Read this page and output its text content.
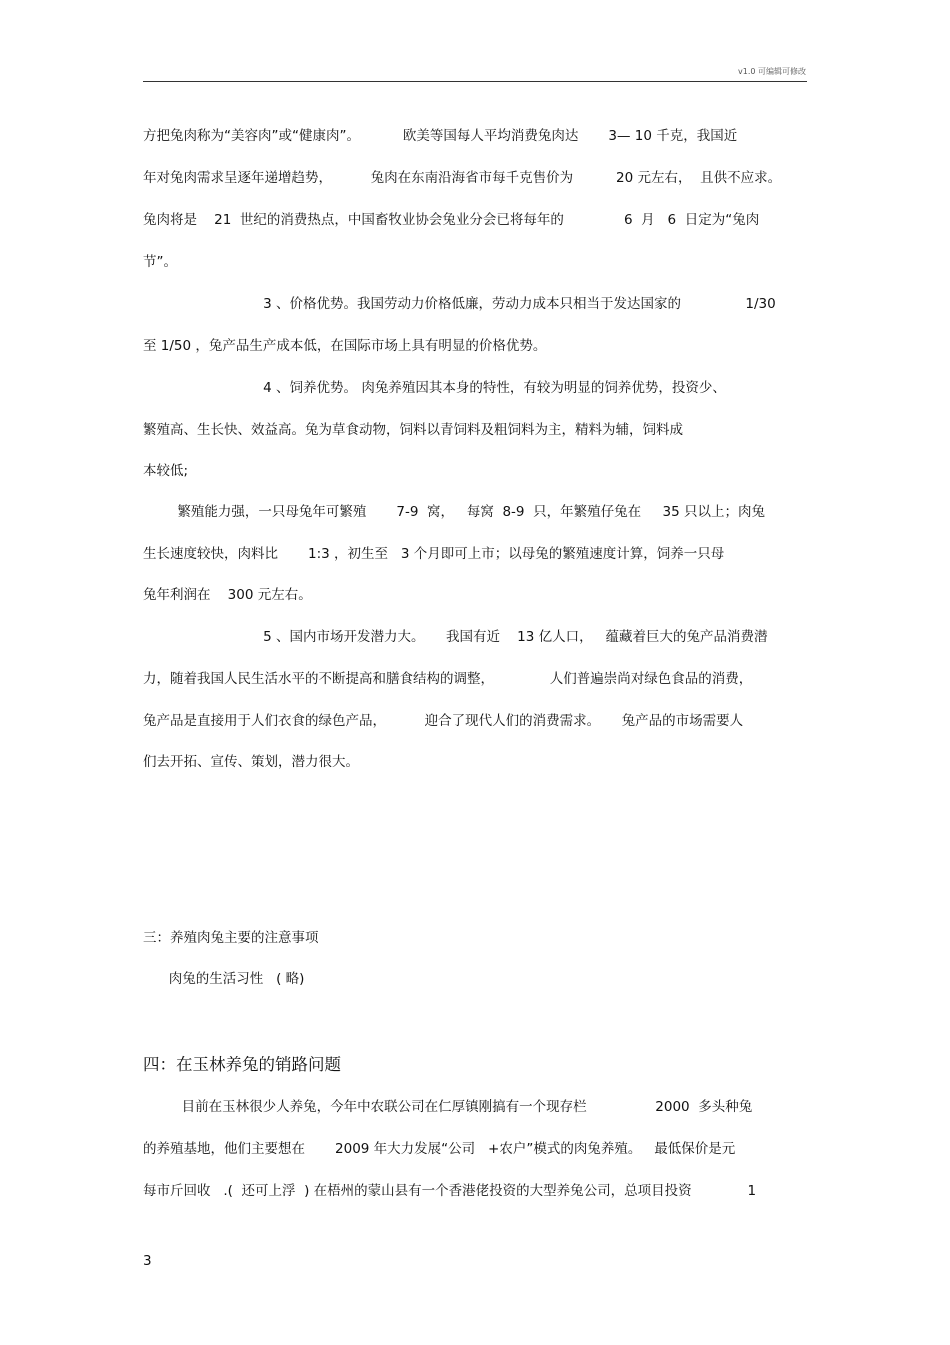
v1.0 可编辑可修改
方把兔肉称为“美容肉”或“健康肉”。          欧美等国每人平均消费兔肉达       3— 10 千克，我国近
年对兔肉需求呈逐年递增趋势，         兔肉在东南沿海省市每千克售价为          20 元左右，  且供不应求。
兔肉将是    21  世纪的消费热点，中国畜牧业协会兔业分会已将每年的              6  月   6  日定为“兔肉
节”。
3 、价格优势。我国劳动力价格低廉，劳动力成本只相当于发达国家的               1/30
至 1/50 ，兔产品生产成本低，在国际市场上具有明显的价格优势。
4 、饲养优势。 肉兔养殖因其本身的特性，有较为明显的饲养优势，投资少、
繁殖高、生长快、效益高。兔为草食动物，饲料以青饲料及粗饲料为主，精料为辅，饲料成
本较低;
繁殖能力强，一只母兔年可繁殖       7-9  窝，   每窝  8-9  只，年繁殖仔兔在     35 只以上；肉兔
生长速度较快，肉料比       1:3 ，初生至   3 个月即可上市；以母兔的繁殖速度计算，饲养一只母
兔年利润在    300 元左右。
5 、国内市场开发潜力大。     我国有近    13 亿人口，   蕴藏着巨大的兔产品消费潜
力，随着我国人民生活水平的不断提高和膳食结构的调整，             人们普遍崇尚对绿色食品的消费，
兔产品是直接用于人们衣食的绿色产品，         迎合了现代人们的消费需求。     兔产品的市场需要人
们去开拓、宣传、策划，潜力很大。
三：养殖肉兔主要的注意事项
肉兔的生活习性   ( 略)
四：在玉林养兔的销路问题
目前在玉林很少人养兔，今年中农联公司在仁厚镇刚搞有一个现存栏                2000  多头种兔
的养殖基地，他们主要想在       2009 年大力发展“公司   +农户”模式的肉兔养殖。   最低保价是元
每市斤回收   .(  还可上浮  ) 在梧州的蒙山县有一个香港佬投资的大型养兔公司，总项目投资             1
3
